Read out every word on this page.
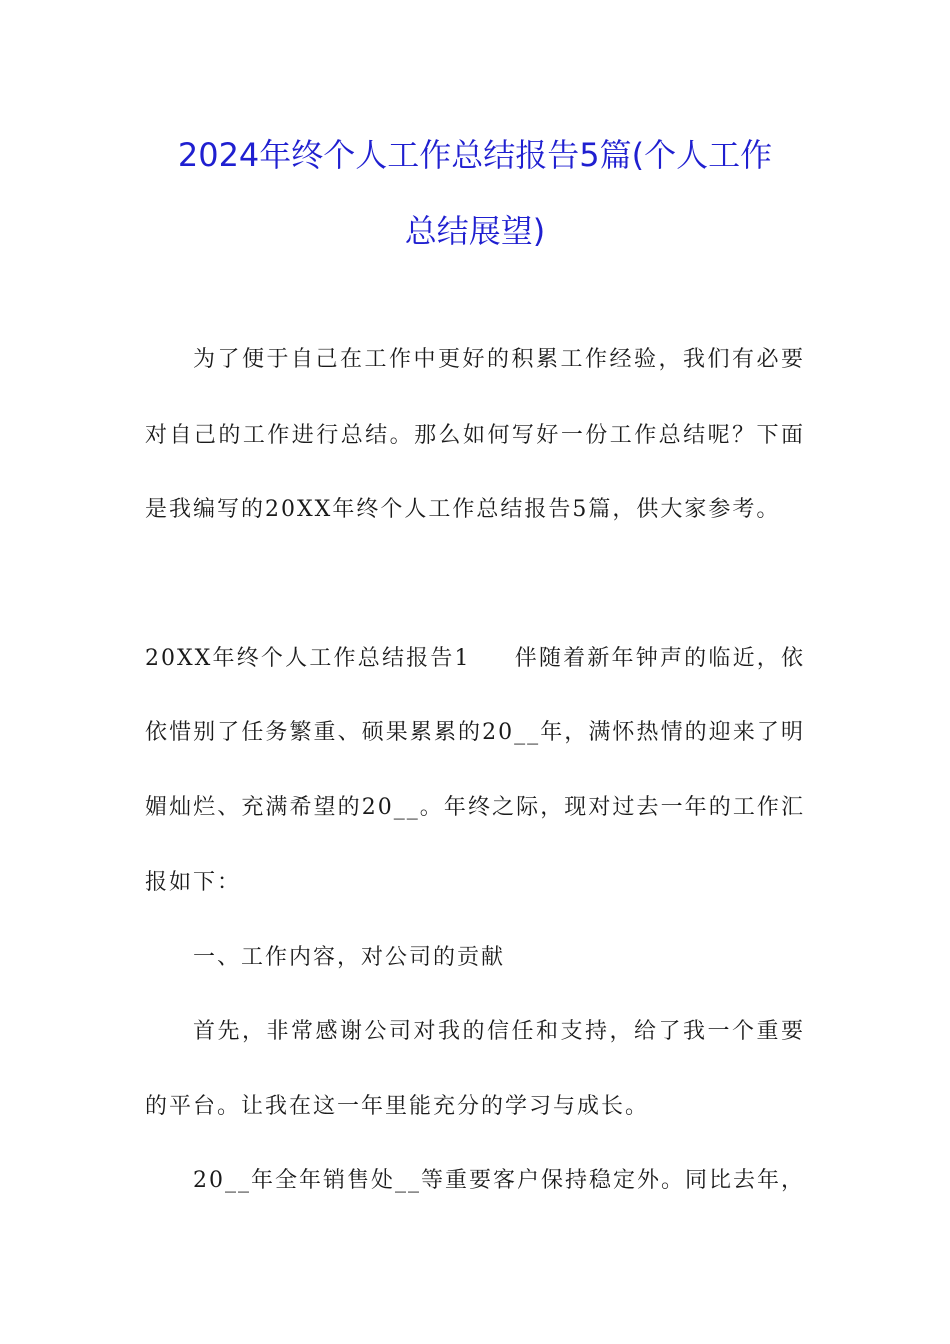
2024年终个人工作总结报告5篇(个人工作
总结展望)
为了便于自己在工作中更好的积累工作经验，我们有必要
对自己的工作进行总结。那么如何写好一份工作总结呢？下面
是我编写的20XX年终个人工作总结报告5篇，供大家参考。
20XX年终个人工作总结报告1 伴随着新年钟声的临近，依
依惜别了任务繁重、硕果累累的20__年，满怀热情的迎来了明
媚灿烂、充满希望的20__。年终之际，现对过去一年的工作汇
报如下：
一、工作内容，对公司的贡献
首先，非常感谢公司对我的信任和支持，给了我一个重要
的平台。让我在这一年里能充分的学习与成长。
20__年全年销售处__等重要客户保持稳定外。同比去年，
